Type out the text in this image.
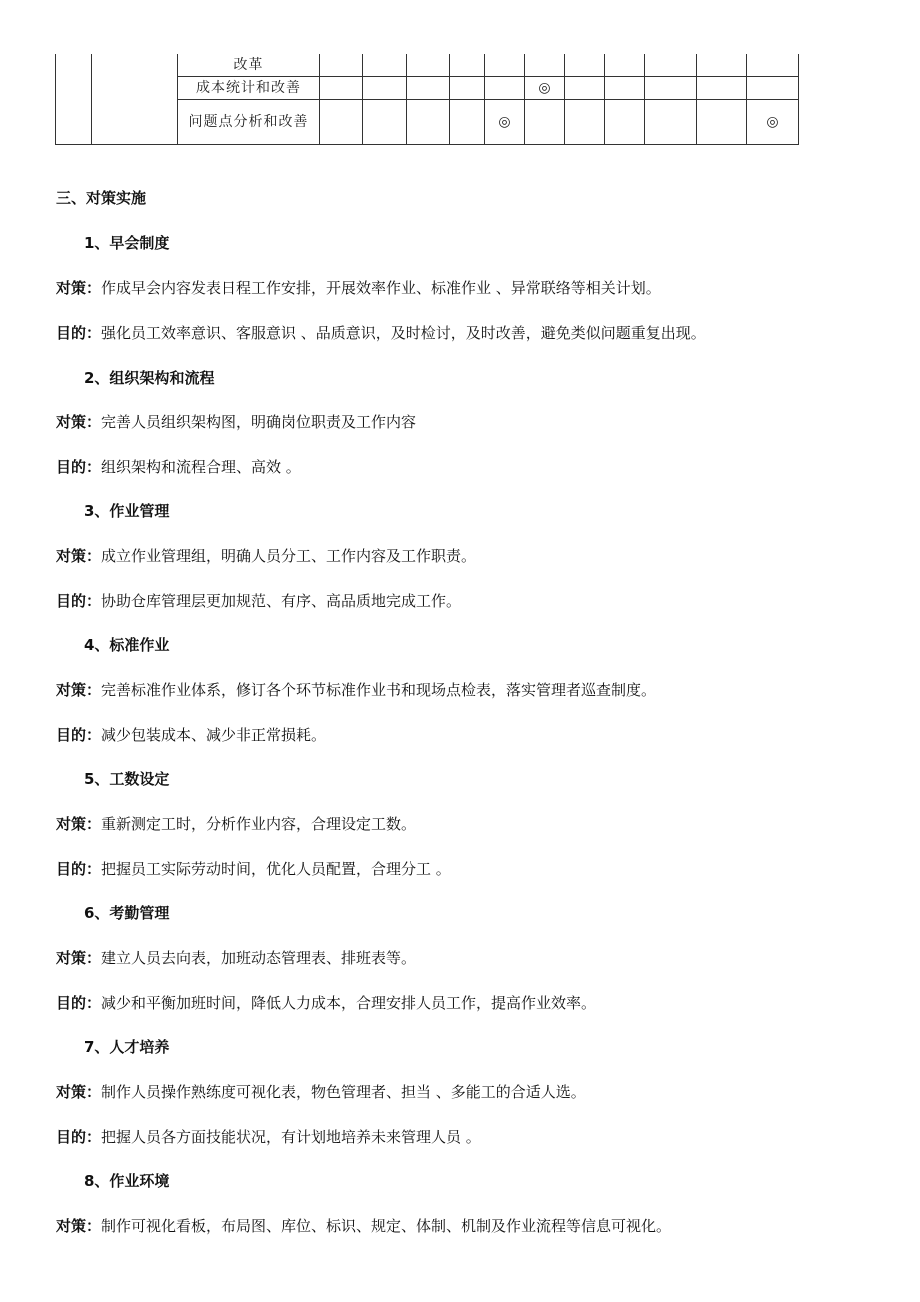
		改革											
		成本统计和改善						◎					
		问题点分析和改善					◎						◎
三、对策实施
1、早会制度
对策：作成早会内容发表日程工作安排，开展效率作业、标准作业 、异常联络等相关计划。
目的：强化员工效率意识、客服意识 、品质意识，及时检讨，及时改善，避免类似问题重复出现。
2、组织架构和流程
对策：完善人员组织架构图，明确岗位职责及工作内容
目的：组织架构和流程合理、高效 。
3、作业管理
对策：成立作业管理组，明确人员分工、工作内容及工作职责。
目的：协助仓库管理层更加规范、有序、高品质地完成工作。
4、标准作业
对策：完善标准作业体系，修订各个环节标准作业书和现场点检表，落实管理者巡查制度。
目的：减少包装成本、减少非正常损耗。
5、工数设定
对策：重新测定工时，分析作业内容，合理设定工数。
目的：把握员工实际劳动时间，优化人员配置，合理分工 。
6、考勤管理
对策：建立人员去向表，加班动态管理表、排班表等。
目的：减少和平衡加班时间，降低人力成本，合理安排人员工作，提高作业效率。
7、人才培养
对策：制作人员操作熟练度可视化表，物色管理者、担当 、多能工的合适人选。
目的：把握人员各方面技能状况，有计划地培养未来管理人员 。
8、作业环境
对策：制作可视化看板，布局图、库位、标识、规定、体制、机制及作业流程等信息可视化。
